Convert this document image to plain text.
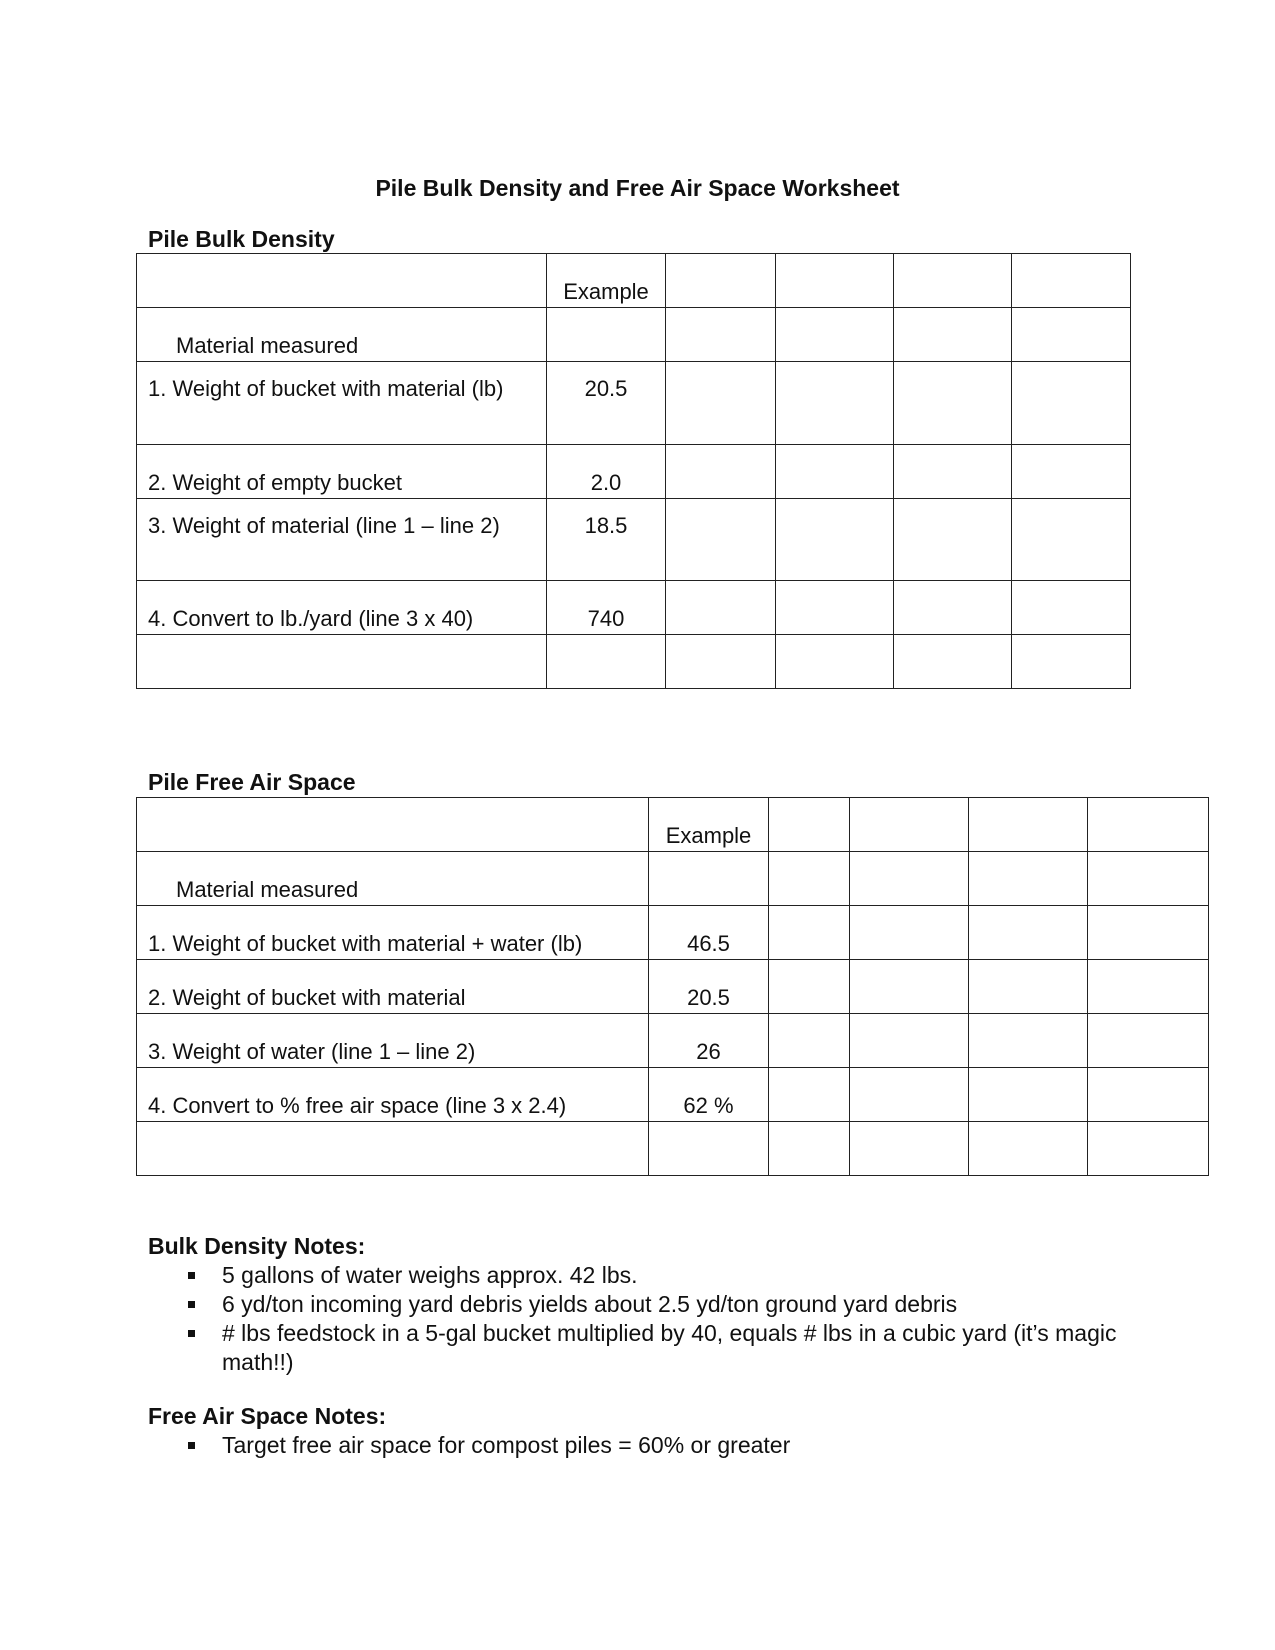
Pile Bulk Density and Free Air Space Worksheet
Pile Bulk Density
	Example				
Material measured					
1. Weight of bucket with material (lb)	20.5				
2. Weight of empty bucket	2.0				
3. Weight of material (line 1 – line 2)	18.5				
4. Convert to lb./yard (line 3 x 40)	740				

Pile Free Air Space
	Example				
Material measured					
1. Weight of bucket with material + water (lb)	46.5				
2. Weight of bucket with material	20.5				
3. Weight of water (line 1 – line 2)	26				
4. Convert to % free air space (line 3 x 2.4)	62 %				

Bulk Density Notes:
5 gallons of water weighs approx. 42 lbs.
6 yd/ton incoming yard debris yields about 2.5 yd/ton ground yard debris
# lbs feedstock in a 5-gal bucket multiplied by 40, equals # lbs in a cubic yard (it’s magic math!!)
Free Air Space Notes:
Target free air space for compost piles = 60% or greater
